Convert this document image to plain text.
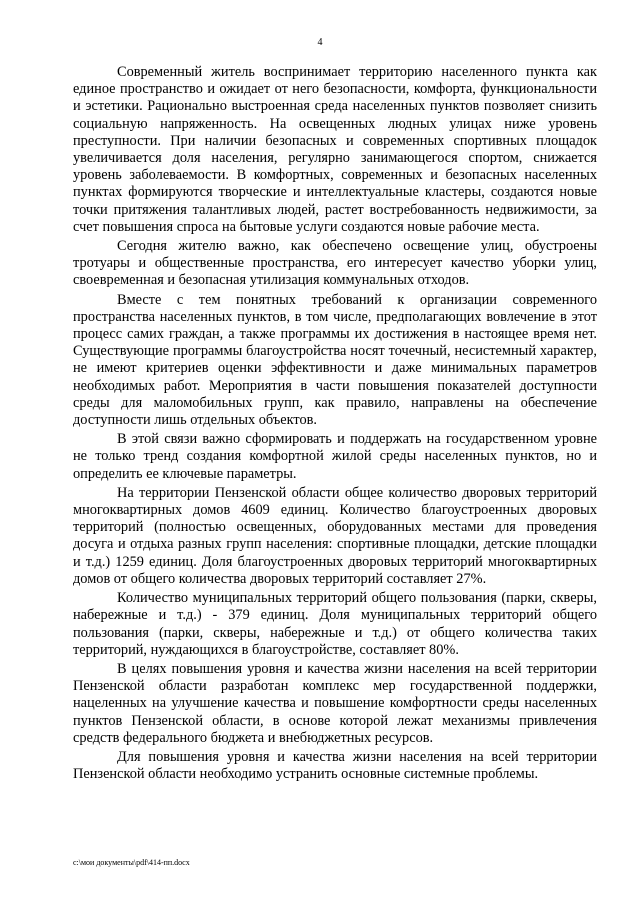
4

Современный житель воспринимает территорию населенного пункта как единое пространство и ожидает от него безопасности, комфорта, функциональности и эстетики. Рационально выстроенная среда населенных пунктов позволяет снизить социальную напряженность. На освещенных людных улицах ниже уровень преступности. При наличии безопасных и современных спортивных площадок увеличивается доля населения, регулярно занимающегося спортом, снижается уровень заболеваемости. В комфортных, современных и безопасных населенных пунктах формируются творческие и интеллектуальные кластеры, создаются новые точки притяжения талантливых людей, растет востребованность недвижимости, за счет повышения спроса на бытовые услуги создаются новые рабочие места.

Сегодня жителю важно, как обеспечено освещение улиц, обустроены тротуары и общественные пространства, его интересует качество уборки улиц, своевременная и безопасная утилизация коммунальных отходов.

Вместе с тем понятных требований к организации современного пространства населенных пунктов, в том числе, предполагающих вовлечение в этот процесс самих граждан, а также программы их достижения в настоящее время нет. Существующие программы благоустройства носят точечный, несистемный характер, не имеют критериев оценки эффективности и даже минимальных параметров необходимых работ. Мероприятия в части повышения показателей доступности среды для маломобильных групп, как правило, направлены на обеспечение доступности лишь отдельных объектов.

В этой связи важно сформировать и поддержать на государственном уровне не только тренд создания комфортной жилой среды населенных пунктов, но и определить ее ключевые параметры.

На территории Пензенской области общее количество дворовых территорий многоквартирных домов 4609 единиц. Количество благоустроенных дворовых территорий (полностью освещенных, оборудованных местами для проведения досуга и отдыха разных групп населения: спортивные площадки, детские площадки и т.д.) 1259 единиц. Доля благоустроенных дворовых территорий многоквартирных домов от общего количества дворовых территорий составляет 27%.

Количество муниципальных территорий общего пользования (парки, скверы, набережные и т.д.) - 379 единиц. Доля муниципальных территорий общего пользования (парки, скверы, набережные и т.д.) от общего количества таких территорий, нуждающихся в благоустройстве, составляет 80%.

В целях повышения уровня и качества жизни населения на всей территории Пензенской области разработан комплекс мер государственной поддержки, нацеленных на улучшение качества и повышение комфортности среды населенных пунктов Пензенской области, в основе которой лежат механизмы привлечения средств федерального бюджета и внебюджетных ресурсов.

Для повышения уровня и качества жизни населения на всей территории Пензенской области необходимо устранить основные системные проблемы.

c:\мои документы\pdf\414-пп.docx
